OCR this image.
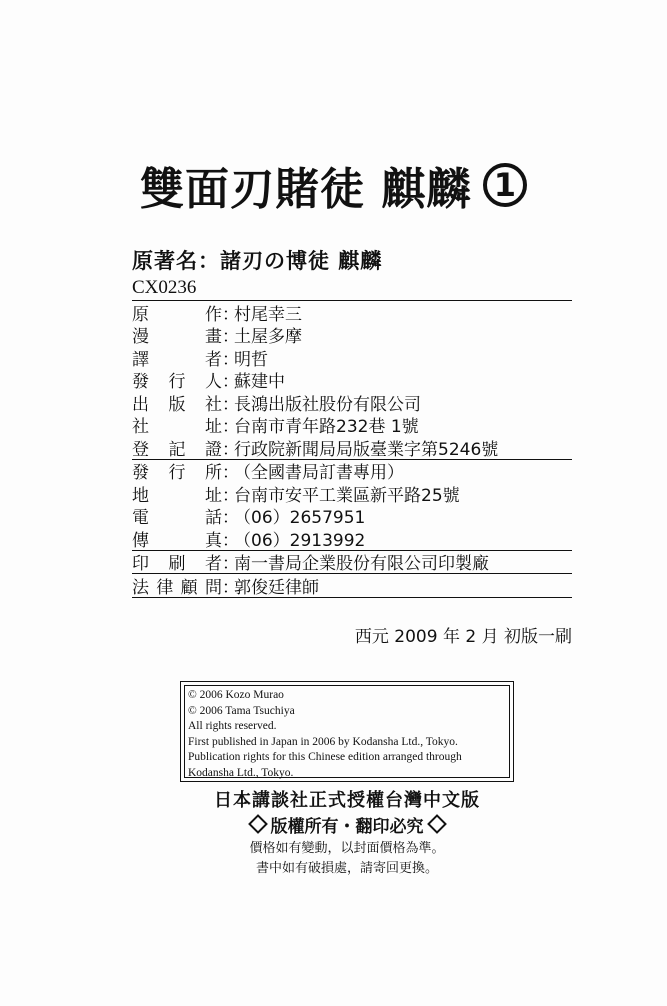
雙面刃賭徒 麒麟 1
原著名：諸刃の博徒 麒麟
CX0236
原	作 ：
村尾幸三
漫	畫 ：
土屋多摩
譯	者 ：
明哲
發 行 人 ：
蘇建中
出 版 社 ：
長鴻出版社股份有限公司
社	址 ：
台南市青年路232巷 1號
登 記 證 ：
行政院新聞局局版臺業字第5246號
發 行 所 ：
（全國書局訂書專用）
地	址 ：
台南市安平工業區新平路25號
電	話 ：
（06）2657951
傳	真 ：
（06）2913992
印 刷 者 ：
南一書局企業股份有限公司印製廠
法 律 顧 問 ：
郭俊廷律師
西元 2009 年 2 月 初版一刷
© 2006 Kozo Murao
© 2006 Tama Tsuchiya
All rights reserved.
First published in Japan in 2006 by Kodansha Ltd., Tokyo.
Publication rights for this Chinese edition arranged through
Kodansha Ltd., Tokyo.
日本講談社正式授權台灣中文版
版權所有・翻印必究
價格如有變動，以封面價格為準。
書中如有破損處，請寄回更換。
